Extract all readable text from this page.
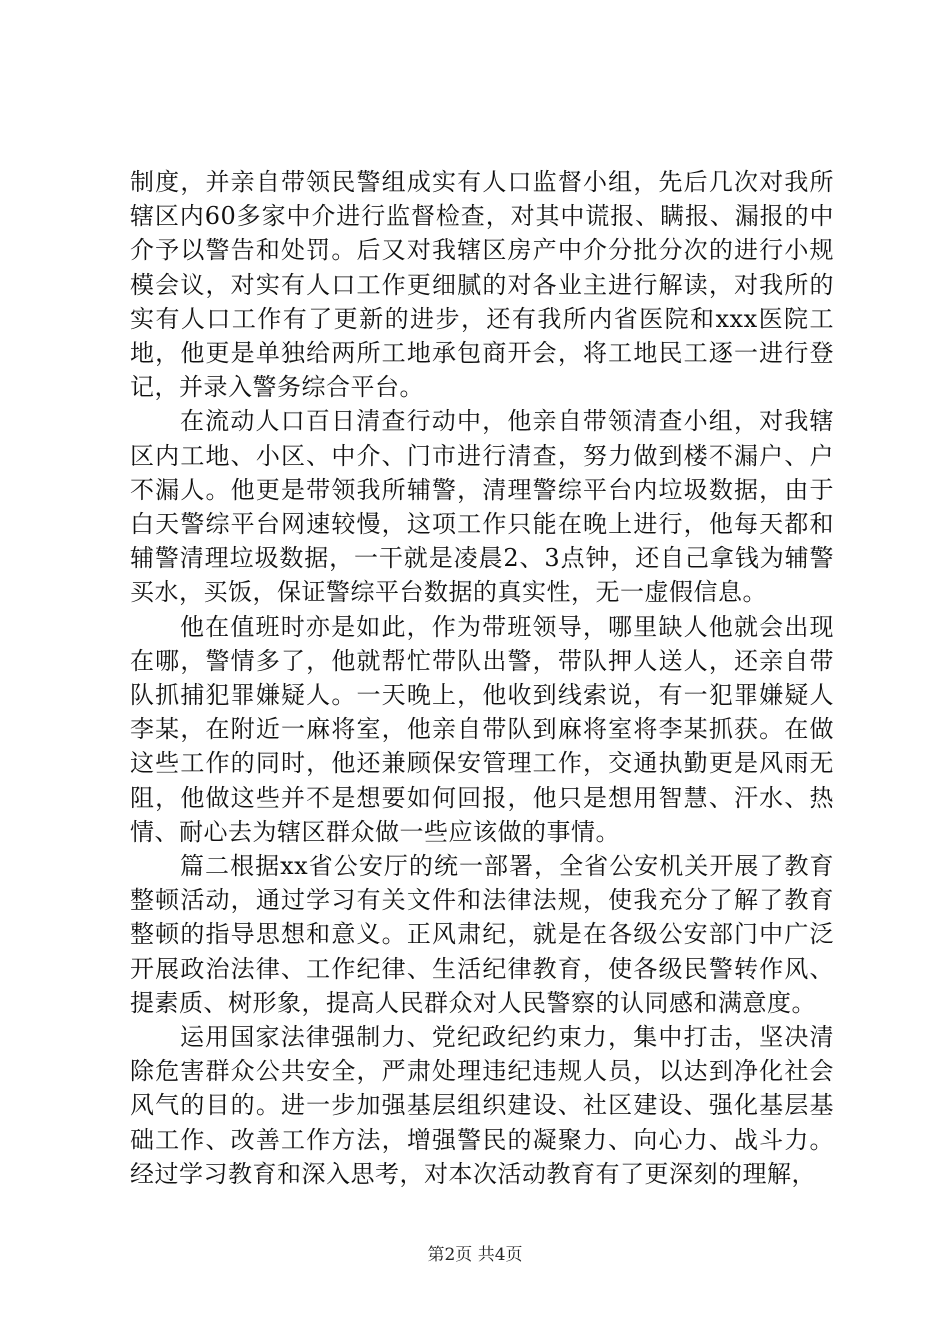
制度，并亲自带领民警组成实有人口监督小组，先后几次对我所辖区内60多家中介进行监督检查，对其中谎报、瞒报、漏报的中介予以警告和处罚。后又对我辖区房产中介分批分次的进行小规模会议，对实有人口工作更细腻的对各业主进行解读，对我所的实有人口工作有了更新的进步，还有我所内省医院和xxx医院工地，他更是单独给两所工地承包商开会，将工地民工逐一进行登记，并录入警务综合平台。

在流动人口百日清查行动中，他亲自带领清查小组，对我辖区内工地、小区、中介、门市进行清查，努力做到楼不漏户、户不漏人。他更是带领我所辅警，清理警综平台内垃圾数据，由于白天警综平台网速较慢，这项工作只能在晚上进行，他每天都和辅警清理垃圾数据，一干就是凌晨2、3点钟，还自己拿钱为辅警买水，买饭，保证警综平台数据的真实性，无一虚假信息。

他在值班时亦是如此，作为带班领导，哪里缺人他就会出现在哪，警情多了，他就帮忙带队出警，带队押人送人，还亲自带队抓捕犯罪嫌疑人。一天晚上，他收到线索说，有一犯罪嫌疑人李某，在附近一麻将室，他亲自带队到麻将室将李某抓获。在做这些工作的同时，他还兼顾保安管理工作，交通执勤更是风雨无阻，他做这些并不是想要如何回报，他只是想用智慧、汗水、热情、耐心去为辖区群众做一些应该做的事情。

篇二根据xx省公安厅的统一部署，全省公安机关开展了教育整顿活动，通过学习有关文件和法律法规，使我充分了解了教育整顿的指导思想和意义。正风肃纪，就是在各级公安部门中广泛开展政治法律、工作纪律、生活纪律教育，使各级民警转作风、提素质、树形象，提高人民群众对人民警察的认同感和满意度。

运用国家法律强制力、党纪政纪约束力，集中打击，坚决清除危害群众公共安全，严肃处理违纪违规人员，以达到净化社会风气的目的。进一步加强基层组织建设、社区建设、强化基层基础工作、改善工作方法，增强警民的凝聚力、向心力、战斗力。经过学习教育和深入思考，对本次活动教育有了更深刻的理解，

第2页 共4页
